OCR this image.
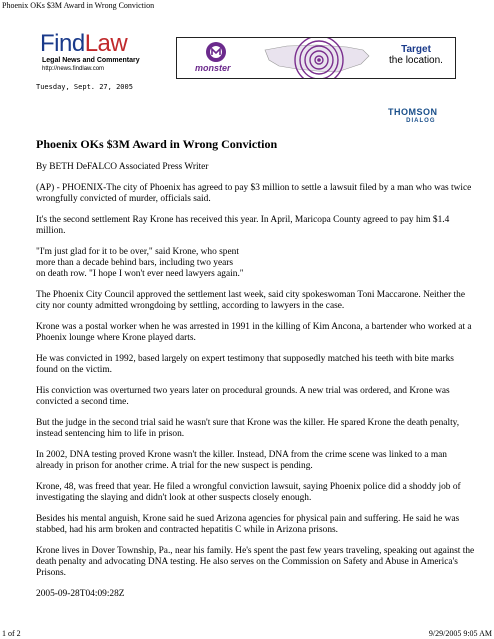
Phoenix OKs $3M Award in Wrong Conviction
FindLaw
Legal News and Commentary
http://news.findlaw.com	monster
Target
the location.
Tuesday, Sept. 27, 2005
THOMSON
DIALOG
Phoenix OKs $3M Award in Wrong Conviction

By BETH DeFALCO Associated Press Writer

(AP) - PHOENIX-The city of Phoenix has agreed to pay $3 million to settle a lawsuit filed by a man who was twice wrongfully convicted of murder, officials said.

It's the second settlement Ray Krone has received this year. In April, Maricopa County agreed to pay him $1.4 million.

"I'm just glad for it to be over," said Krone, who spent
more than a decade behind bars, including two years
on death row. "I hope I won't ever need lawyers again."

The Phoenix City Council approved the settlement last week, said city spokeswoman Toni Maccarone. Neither the city nor county admitted wrongdoing by settling, according to lawyers in the case.

Krone was a postal worker when he was arrested in 1991 in the killing of Kim Ancona, a bartender who worked at a Phoenix lounge where Krone played darts.

He was convicted in 1992, based largely on expert testimony that supposedly matched his teeth with bite marks found on the victim.

His conviction was overturned two years later on procedural grounds. A new trial was ordered, and Krone was convicted a second time.

But the judge in the second trial said he wasn't sure that Krone was the killer. He spared Krone the death penalty, instead sentencing him to life in prison.

In 2002, DNA testing proved Krone wasn't the killer. Instead, DNA from the crime scene was linked to a man already in prison for another crime. A trial for the new suspect is pending.

Krone, 48, was freed that year. He filed a wrongful conviction lawsuit, saying Phoenix police did a shoddy job of investigating the slaying and didn't look at other suspects closely enough.

Besides his mental anguish, Krone said he sued Arizona agencies for physical pain and suffering. He said he was stabbed, had his arm broken and contracted hepatitis C while in Arizona prisons.

Krone lives in Dover Township, Pa., near his family. He's spent the past few years traveling, speaking out against the death penalty and advocating DNA testing. He also serves on the Commission on Safety and Abuse in America's Prisons.

2005-09-28T04:09:28Z

1 of 2	9/29/2005 9:05 AM
